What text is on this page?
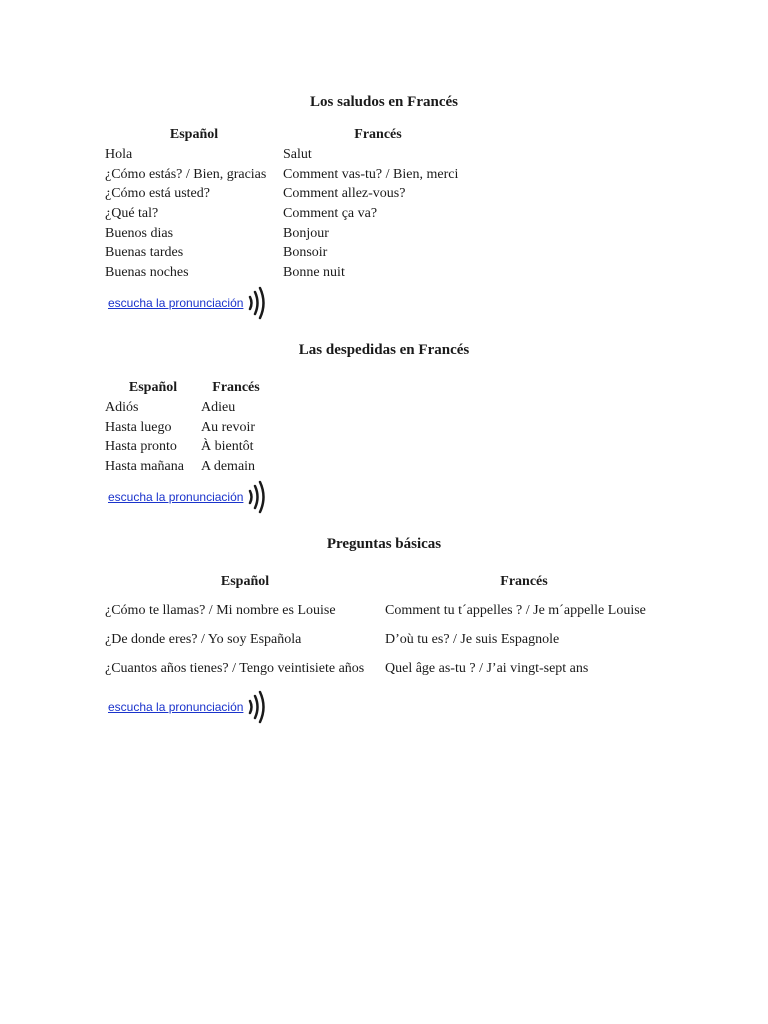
Los saludos en Francés
Español	Francés
Hola	Salut
¿Cómo estás? / Bien, gracias	Comment vas-tu? / Bien, merci
¿Cómo está usted?	Comment allez-vous?
¿Qué tal?	Comment ça va?
Buenos dias	Bonjour
Buenas tardes	Bonsoir
Buenas noches	Bonne nuit
escucha la pronunciación
Las despedidas en Francés
Español	Francés
Adiós	Adieu
Hasta luego	Au revoir
Hasta pronto	À bientôt
Hasta mañana	A demain
escucha la pronunciación
Preguntas básicas
Español	Francés
¿Cómo te llamas? / Mi nombre es Louise	Comment tu t´appelles ? / Je m´appelle Louise
¿De donde eres? / Yo soy Española	D’où tu es? / Je suis Espagnole
¿Cuantos años tienes? / Tengo veintisiete años	Quel âge as-tu ? / J’ai vingt-sept ans
escucha la pronunciación
